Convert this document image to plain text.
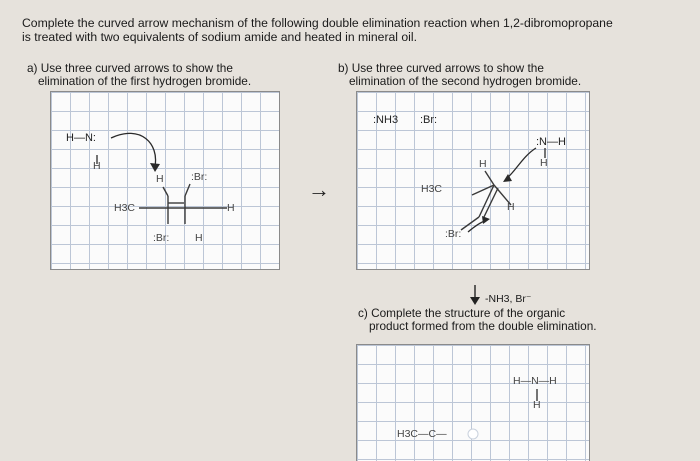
Complete the curved arrow mechanism of the following double elimination reaction when 1,2-dibromopropane
is treated with two equivalents of sodium amide and heated in mineral oil.
a) Use three curved arrows to show the
elimination of the first hydrogen bromide.
b) Use three curved arrows to show the
elimination of the second hydrogen bromide.
H—N:
H
H	:Br:
H3C	H
:Br: H
→
:NH3 :Br:
:N—H
H
H
H3C
H
:Br:
-NH3, Br⁻
c) Complete the structure of the organic
product formed from the double elimination.
H—N—H
H
H3C—C—
